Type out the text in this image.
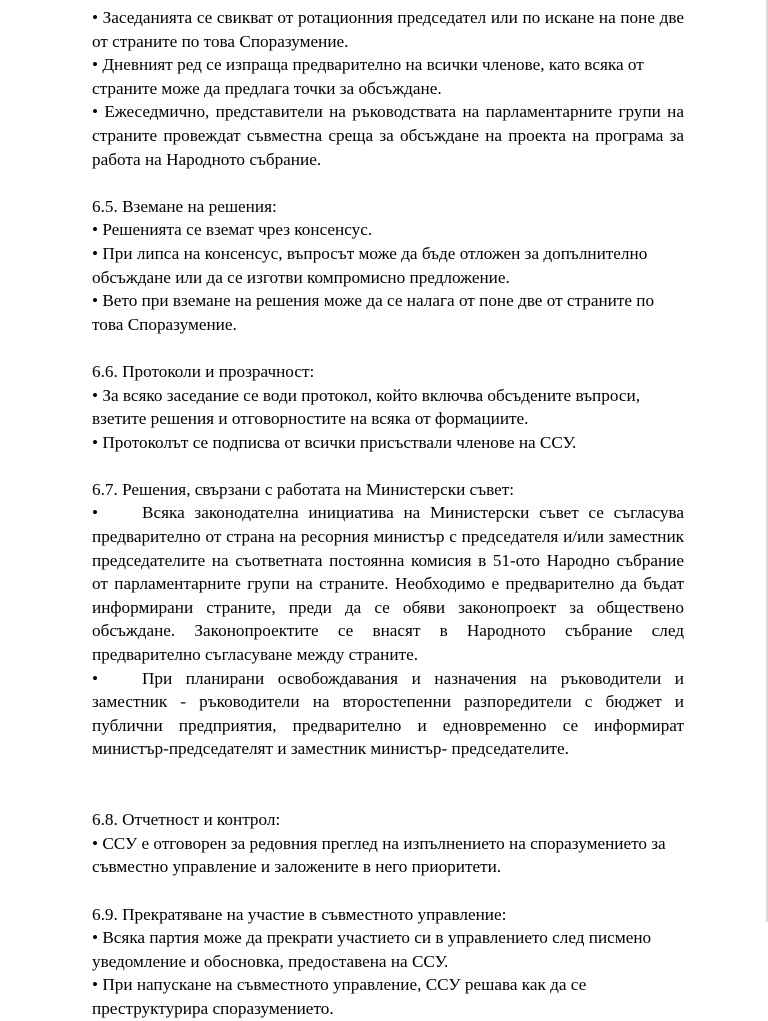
• Заседанията се свикват от ротационния председател или по искане на поне две от страните по това Споразумение.

• Дневният ред се изпраща предварително на всички членове, като всяка от страните може да предлага точки за обсъждане.

• Ежеседмично, представители на ръководствата на парламентарните групи на страните провеждат съвместна среща за обсъждане на проекта на програма за работа на Народното събрание.

6.5. Вземане на решения:

• Решенията се вземат чрез консенсус.

• При липса на консенсус, въпросът може да бъде отложен за допълнително обсъждане или да се изготви компромисно предложение.

• Вето при вземане на решения може да се налага от поне две от страните по това Споразумение.

6.6. Протоколи и прозрачност:

• За всяко заседание се води протокол, който включва обсъдените въпроси, взетите решения и отговорностите на всяка от формациите.

• Протоколът се подписва от всички присъствали членове на ССУ.

6.7. Решения, свързани с работата на Министерски съвет:

•	Всяка законодателна инициатива на Министерски съвет се съгласува предварително от страна на ресорния министър с председателя и/или заместник председателите на съответната постоянна комисия в 51-ото Народно събрание от парламентарните групи на страните. Необходимо е предварително да бъдат информирани страните, преди да се обяви законопроект за обществено обсъждане. Законопроектите се внасят в Народното събрание след предварително съгласуване между страните.

•	При планирани освобождавания и назначения на ръководители и заместник - ръководители на второстепенни разпоредители с бюджет и публични предприятия, предварително и едновременно се информират министър-председателят и заместник министър- председателите.

6.8. Отчетност и контрол:

• ССУ е отговорен за редовния преглед на изпълнението на споразумението за съвместно управление и заложените в него приоритети.

6.9. Прекратяване на участие в съвместното управление:

• Всяка партия може да прекрати участието си в управлението след писмено уведомление и обосновка, предоставена на ССУ.

• При напускане на съвместното управление, ССУ решава как да се преструктурира споразумението.
